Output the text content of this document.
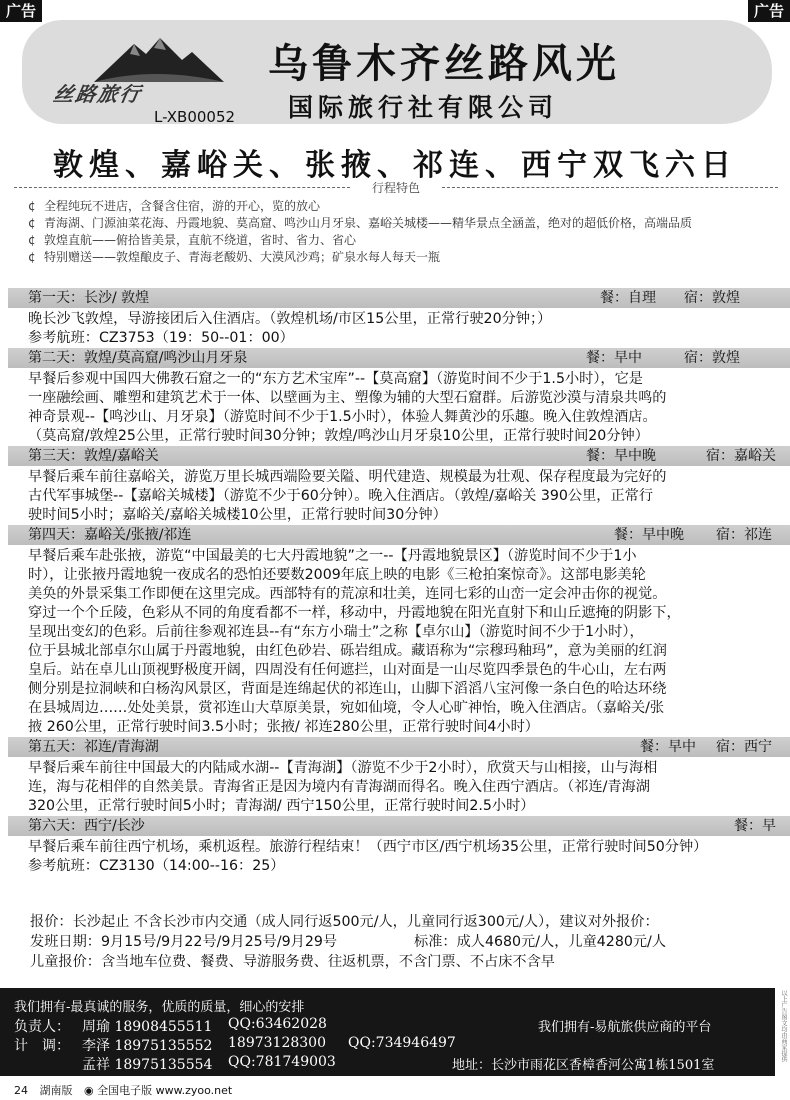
广告	广告
丝路旅行
L-XB00052
乌鲁木齐丝路风光
国际旅行社有限公司
敦煌、嘉峪关、张掖、祁连、西宁双飞六日
行程特色
¢ 全程纯玩不进店，含餐含住宿，游的开心，览的放心
¢ 青海湖、门源油菜花海、丹霞地貌、莫高窟、鸣沙山月牙泉、嘉峪关城楼——精华景点全涵盖，绝对的超低价格，高端品质
¢ 敦煌直航——俯拾皆美景，直航不绕道，省时、省力、省心
¢ 特别赠送——敦煌酿皮子、青海老酸奶、大漠风沙鸡；矿泉水每人每天一瓶
第一天：长沙/ 敦煌	餐：自理 宿：敦煌
晚长沙飞敦煌，导游接团后入住酒店。（敦煌机场/市区15公里，正常行驶20分钟；）
参考航班：CZ3753（19：50--01：00）
第二天：敦煌/莫高窟/鸣沙山月牙泉	餐：早中	宿：敦煌
早餐后参观中国四大佛教石窟之一的“东方艺术宝库”--【莫高窟】（游览时间不少于1.5小时），它是
一座融绘画、雕塑和建筑艺术于一体、以壁画为主、塑像为辅的大型石窟群。后游览沙漠与清泉共鸣的
神奇景观--【鸣沙山、月牙泉】（游览时间不少于1.5小时），体验人舞黄沙的乐趣。晚入住敦煌酒店。
（莫高窟/敦煌25公里，正常行驶时间30分钟；敦煌/鸣沙山月牙泉10公里，正常行驶时间20分钟）
第三天：敦煌/嘉峪关	餐：早中晚	宿：嘉峪关
早餐后乘车前往嘉峪关，游览万里长城西端险要关隘、明代建造、规模最为壮观、保存程度最为完好的
古代军事城堡--【嘉峪关城楼】（游览不少于60分钟）。晚入住酒店。（敦煌/嘉峪关 390公里，正常行
驶时间5小时；嘉峪关/嘉峪关城楼10公里，正常行驶时间30分钟）
第四天：嘉峪关/张掖/祁连	餐：早中晚 宿：祁连
早餐后乘车赴张掖，游览“中国最美的七大丹霞地貌”之一--【丹霞地貌景区】（游览时间不少于1小
时），让张掖丹霞地貌一夜成名的恐怕还要数2009年底上映的电影《三枪拍案惊奇》。这部电影美轮
美奂的外景采集工作即便在这里完成。西部特有的荒凉和壮美，连同七彩的山峦一定会冲击你的视觉。
穿过一个个丘陵，色彩从不同的角度看都不一样，移动中，丹霞地貌在阳光直射下和山丘遮掩的阴影下，
呈现出变幻的色彩。后前往参观祁连县--有“东方小瑞士”之称【卓尔山】（游览时间不少于1小时），
位于县城北部卓尔山属于丹霞地貌，由红色砂岩、砾岩组成。藏语称为“宗穆玛釉玛”，意为美丽的红润
皇后。站在卓儿山顶视野极度开阔，四周没有任何遮拦，山对面是一山尽览四季景色的牛心山，左右两
侧分别是拉洞峡和白杨沟风景区，背面是连绵起伏的祁连山，山脚下滔滔八宝河像一条白色的哈达环绕
在县城周边……处处美景，赏祁连山大草原美景，宛如仙境，令人心旷神怡，晚入住酒店。（嘉峪关/张
掖 260公里，正常行驶时间3.5小时；张掖/ 祁连280公里，正常行驶时间4小时）
第五天：祁连/青海湖	餐：早中 宿：西宁
早餐后乘车前往中国最大的内陆咸水湖--【青海湖】（游览不少于2小时），欣赏天与山相接，山与海相
连，海与花相伴的自然美景。青海省正是因为境内有青海湖而得名。晚入住西宁酒店。（祁连/青海湖
320公里，正常行驶时间5小时；青海湖/ 西宁150公里，正常行驶时间2.5小时）
第六天：西宁/长沙	餐：早
早餐后乘车前往西宁机场，乘机返程。旅游行程结束！（西宁市区/西宁机场35公里，正常行驶时间50分钟）
参考航班：CZ3130（14:00--16：25）
报价：长沙起止 不含长沙市内交通（成人同行返500元/人，儿童同行返300元/人），建议对外报价：
发班日期：9月15号/9月22号/9月25号/9月29号	标准：成人4680元/人，儿童4280元/人
儿童报价：含当地车位费、餐费、导游服务费、往返机票，不含门票、不占床不含早
我们拥有-最真诚的服务，优质的质量，细心的安排
负责人： 周瑜 18908455511 QQ:63462028	我们拥有-易航旅供应商的平台
计　调： 李泽 18975135552 18973128300 QQ:734946497
孟祥 18975135554 QQ:781749003	地址：长沙市雨花区香樟香河公寓1栋1501室
以上广告图文均由商家提供
24 湖南版 ◉ 全国电子版 www.zyoo.net
